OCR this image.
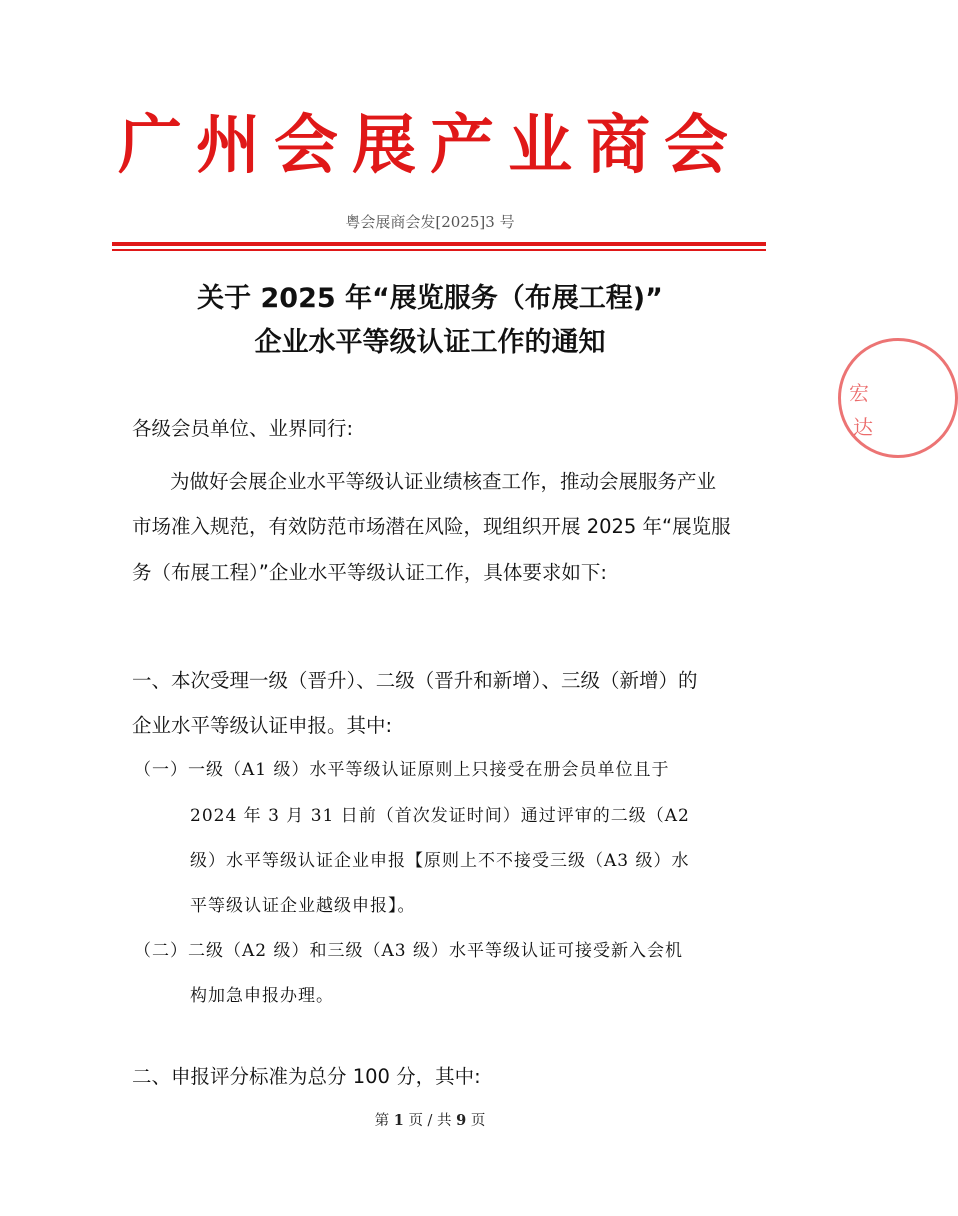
广州会展产业商会
粤会展商会发[2025]3 号
关于 2025 年“展览服务（布展工程)”
企业水平等级认证工作的通知
各级会员单位、业界同行:
为做好会展企业水平等级认证业绩核查工作，推动会展服务产业
市场准入规范，有效防范市场潜在风险，现组织开展 2025 年“展览服
务（布展工程）”企业水平等级认证工作，具体要求如下:
一、本次受理一级（晋升）、二级（晋升和新增）、三级（新增）的
企业水平等级认证申报。其中:
（一）一级（A1 级）水平等级认证原则上只接受在册会员单位且于
2024 年 3 月 31 日前（首次发证时间）通过评审的二级（A2
级）水平等级认证企业申报【原则上不不接受三级（A3 级）水
平等级认证企业越级申报】。
（二）二级（A2 级）和三级（A3 级）水平等级认证可接受新入会机
构加急申报办理。
二、申报评分标准为总分 100 分，其中:
第 1 页 / 共 9 页
宏
达
